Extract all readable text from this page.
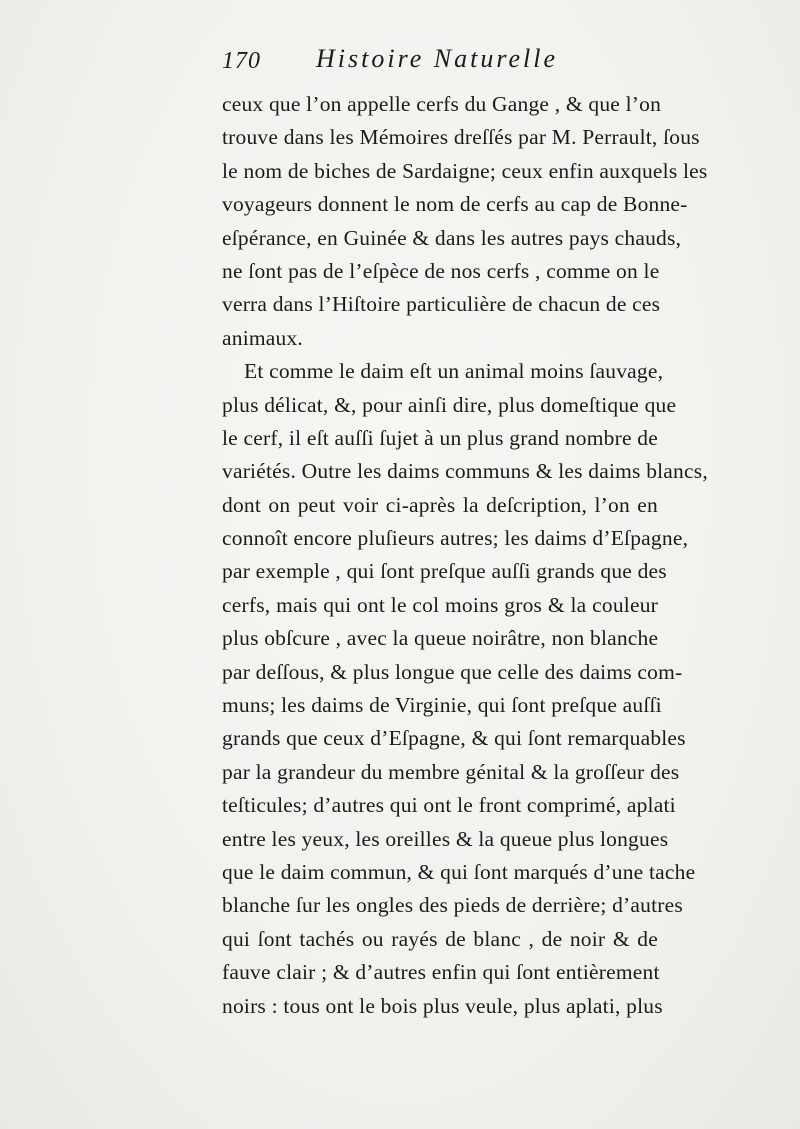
170 Histoire Naturelle
ceux que l’on appelle cerfs du Gange , & que l’on
trouve dans les Mémoires dreſſés par M. Perrault, ſous
le nom de biches de Sardaigne; ceux enfin auxquels les
voyageurs donnent le nom de cerfs au cap de Bonne-
eſpérance, en Guinée & dans les autres pays chauds,
ne ſont pas de l’eſpèce de nos cerfs , comme on le
verra dans l’Hiſtoire particulière de chacun de ces
animaux.
Et comme le daim eſt un animal moins ſauvage,
plus délicat, &, pour ainſi dire, plus domeſtique que
le cerf, il eſt auſſi ſujet à un plus grand nombre de
variétés. Outre les daims communs & les daims blancs,
dont on peut voir ci-après la deſcription, l’on en
connoît encore pluſieurs autres; les daims d’Eſpagne,
par exemple , qui ſont preſque auſſi grands que des
cerfs, mais qui ont le col moins gros & la couleur
plus obſcure , avec la queue noirâtre, non blanche
par deſſous, & plus longue que celle des daims com-
muns; les daims de Virginie, qui ſont preſque auſſi
grands que ceux d’Eſpagne, & qui ſont remarquables
par la grandeur du membre génital & la groſſeur des
teſticules; d’autres qui ont le front comprimé, aplati
entre les yeux, les oreilles & la queue plus longues
que le daim commun, & qui ſont marqués d’une tache
blanche ſur les ongles des pieds de derrière; d’autres
qui ſont tachés ou rayés de blanc , de noir & de
fauve clair ; & d’autres enfin qui ſont entièrement
noirs : tous ont le bois plus veule, plus aplati, plus
